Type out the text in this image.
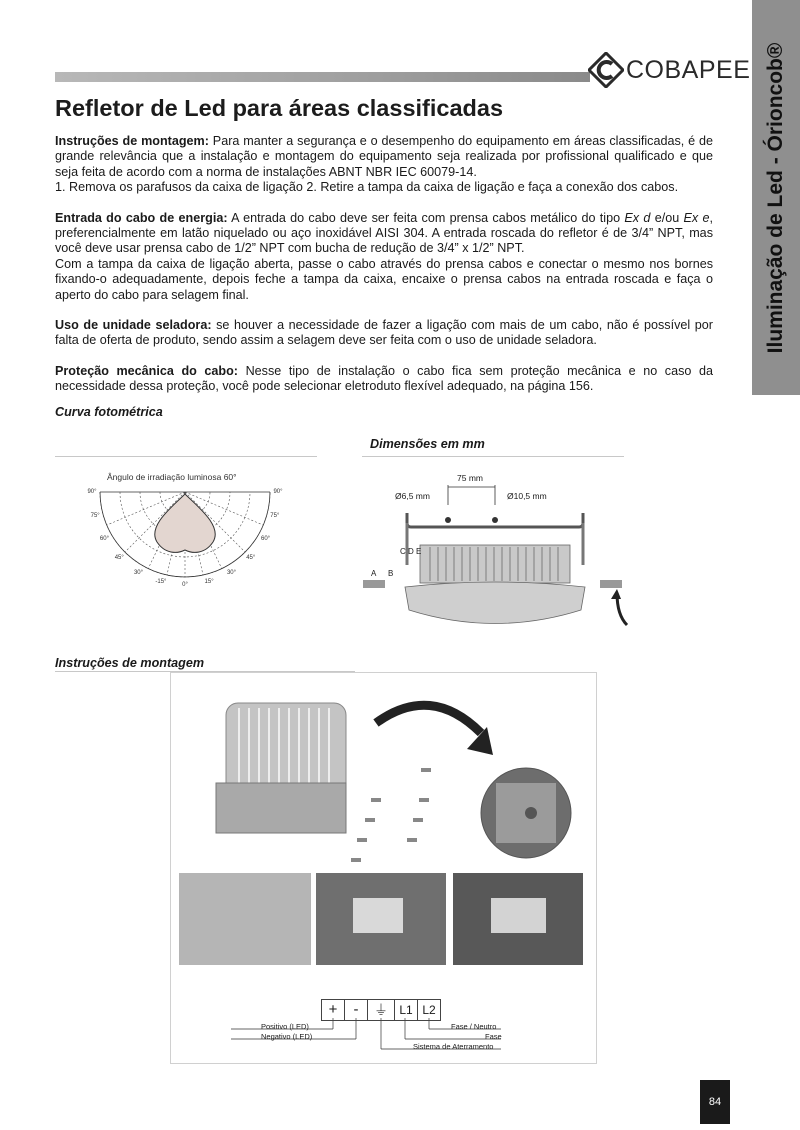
COBAPEE Iluminação de Led - Órioncob®
Refletor de Led para áreas classificadas

Instruções de montagem: Para manter a segurança e o desempenho do equipamento em áreas classificadas, é de grande relevância que a instalação e montagem do equipamento seja realizada por profissional qualificado e que seja feita de acordo com a norma de instalações ABNT NBR IEC 60079-14.

1. Remova os parafusos da caixa de ligação 2. Retire a tampa da caixa de ligação e faça a conexão dos cabos.

Entrada do cabo de energia: A entrada do cabo deve ser feita com prensa cabos metálico do tipo Ex d e/ou Ex e, preferencialmente em latão niquelado ou aço inoxidável AISI 304. A entrada roscada do refletor é de 3/4” NPT, mas você deve usar prensa cabo de 1/2” NPT com bucha de redução de 3/4” x 1/2” NPT.

Com a tampa da caixa de ligação aberta, passe o cabo através do prensa cabos e conectar o mesmo nos bornes fixando-o adequadamente, depois feche a tampa da caixa, encaixe o prensa cabos na entrada roscada e faça o aperto do cabo para selagem final.

Uso de unidade seladora: se houver a necessidade de fazer a ligação com mais de um cabo, não é possível por falta de oferta de produto, sendo assim a selagem deve ser feita com o uso de unidade seladora.

Proteção mecânica do cabo: Nesse tipo de instalação o cabo fica sem proteção mecânica e no caso da necessidade dessa proteção, você pode selecionar eletroduto flexível adequado, na página 156.

Curva fotométrica
Dimensões em mm
Ângulo de irradiação luminosa 60°
90°
75°
60°
45°
30°
-15°
0°
15°
30°
45°
60°
75°
90°
75 mm
Ø6,5 mm	Ø10,5 mm
A B
C D E
Instruções de montagem
+	-	⏚ L1 L2
Positivo (LED)
Negativo (LED)
Sistema de Aterramento
Fase
Fase / Neutro
84
